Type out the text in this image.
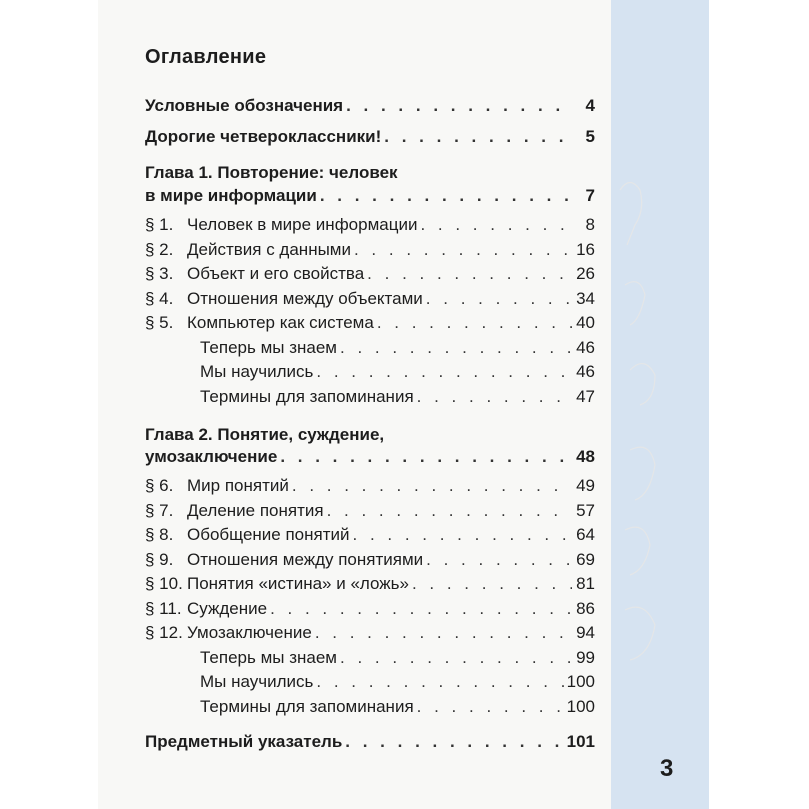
Оглавление
Условные обозначения . . .	4
Дорогие четвероклассники! . . .	5
Глава 1. Повторение: человек
в мире информации . . .	7
§ 1. Человек в мире информации . . .	8
§ 2. Действия с данными . . .	16
§ 3. Объект и его свойства . . .	26
§ 4. Отношения между объектами . . .	34
§ 5. Компьютер как система . . .	40
Теперь мы знаем . . .	46
Мы научились . . .	46
Термины для запоминания . . .	47
Глава 2. Понятие, суждение,
умозаключение . . .	48
§ 6. Мир понятий . . .	49
§ 7. Деление понятия . . .	57
§ 8. Обобщение понятий . . .	64
§ 9. Отношения между понятиями . . .	69
§ 10. Понятия «истина» и «ложь» . . .	81
§ 11. Суждение . . .	86
§ 12. Умозаключение . . .	94
Теперь мы знаем . . .	99
Мы научились . . .	100
Термины для запоминания . . .	100
Предметный указатель . . .	101
3
